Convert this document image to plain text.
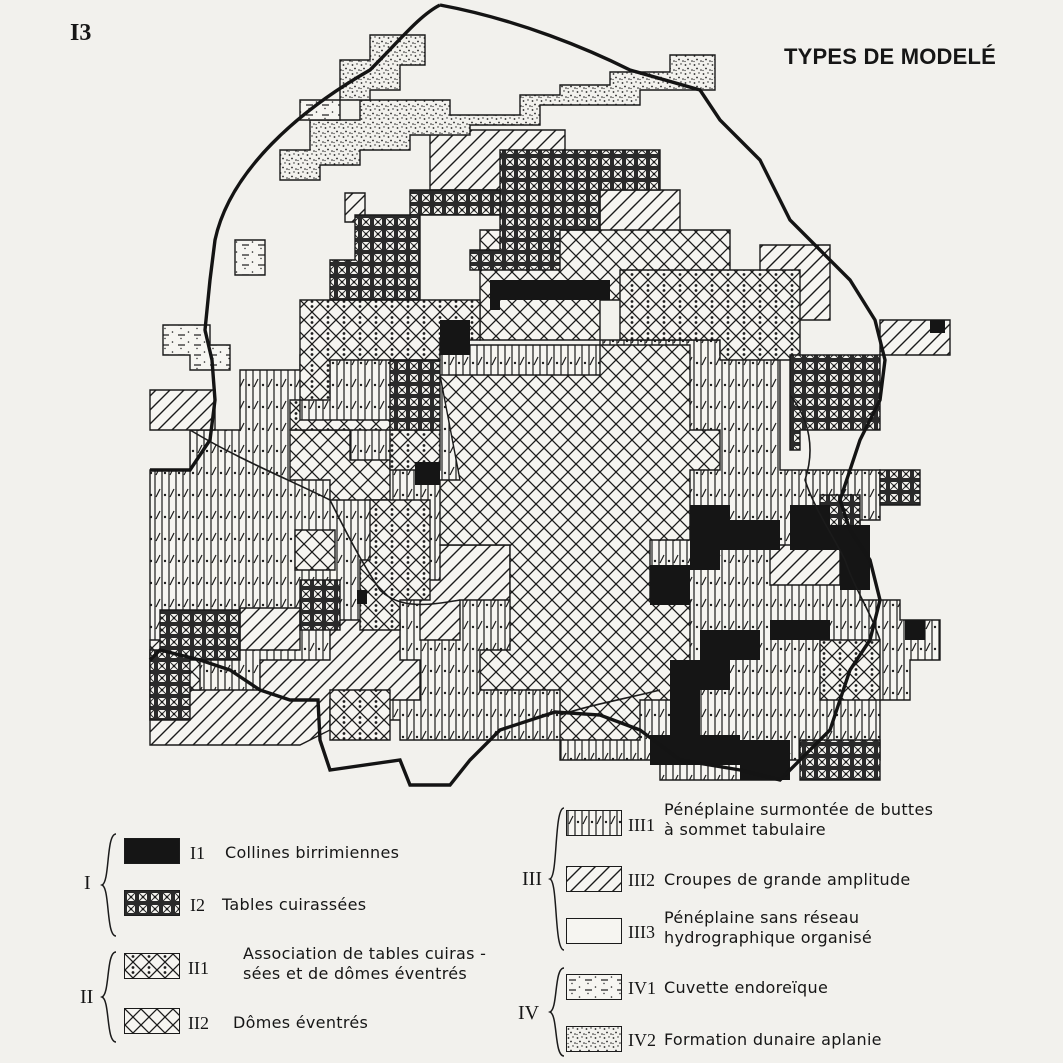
I3
TYPES DE MODELÉ
I
I1 Collines birrimiennes
I2 Tables cuirassées
II
II1
Association de tables cuiras -
sées et de dômes éventrés
II2 Dômes éventrés
III
III1
Pénéplaine surmontée de buttes
à sommet tabulaire
III2 Croupes de grande amplitude
III3
Pénéplaine sans réseau
hydrographique organisé
IV
IV1 Cuvette endoreïque
IV2 Formation dunaire aplanie
